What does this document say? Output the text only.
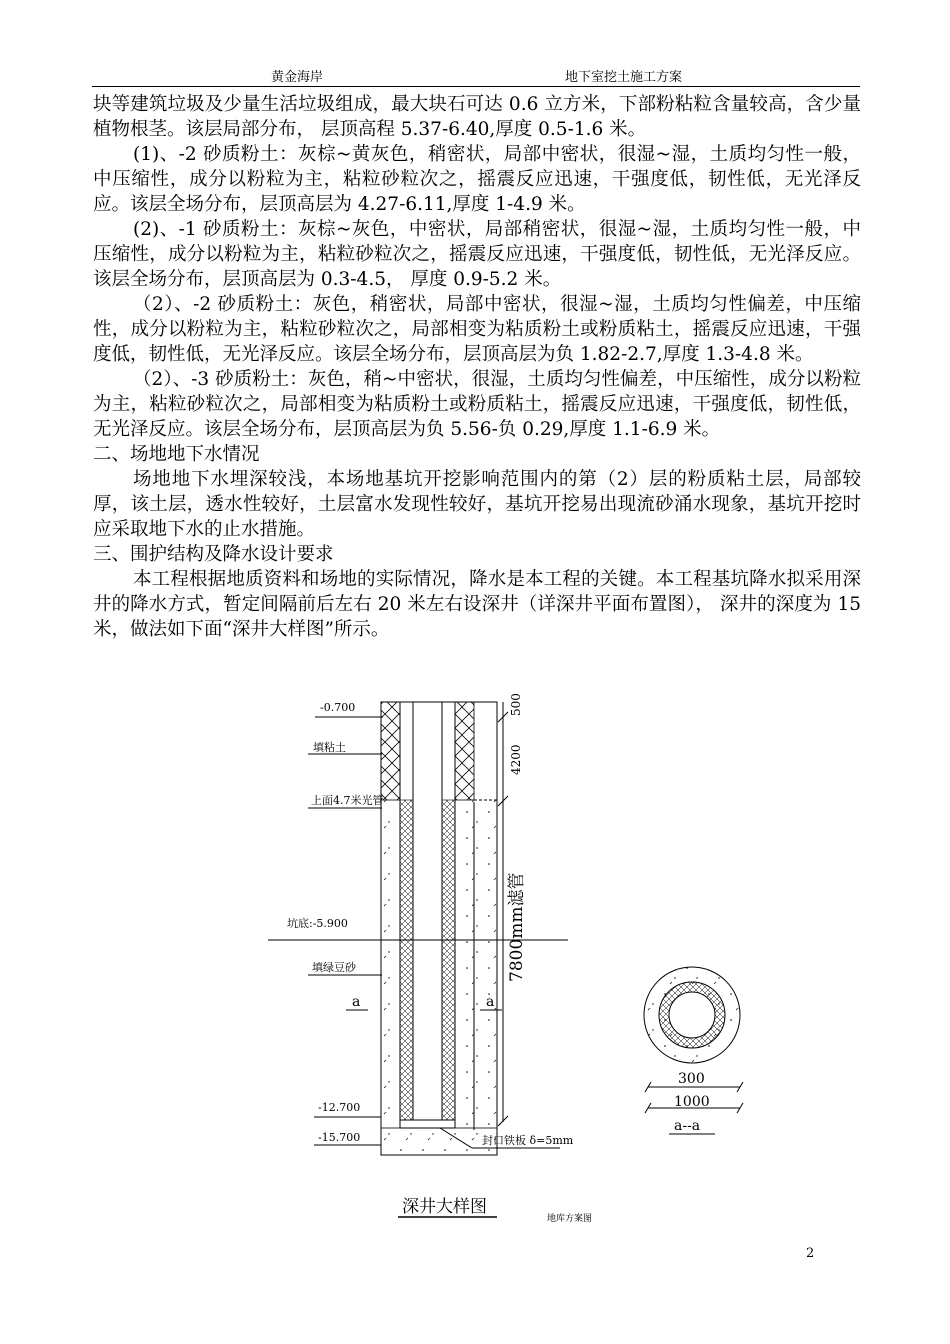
黄金海岸	地下室挖土施工方案

块等建筑垃圾及少量生活垃圾组成，最大块石可达 0.6 立方米，下部粉粘粒含量较高，含少量植物根茎。该层局部分布， 层顶高程 5.37-6.40,厚度 0.5-1.6 米。

(1)、-2 砂质粉土：灰棕~黄灰色，稍密状，局部中密状，很湿~湿，土质均匀性一般，中压缩性，成分以粉粒为主，粘粒砂粒次之，摇震反应迅速，干强度低，韧性低，无光泽反应。该层全场分布，层顶高层为 4.27-6.11,厚度 1-4.9 米。

(2)、-1 砂质粉土：灰棕~灰色，中密状，局部稍密状，很湿~湿，土质均匀性一般，中压缩性，成分以粉粒为主，粘粒砂粒次之，摇震反应迅速，干强度低，韧性低，无光泽反应。该层全场分布，层顶高层为 0.3-4.5， 厚度 0.9-5.2 米。

（2）、-2 砂质粉土：灰色，稍密状，局部中密状，很湿~湿，土质均匀性偏差，中压缩性，成分以粉粒为主，粘粒砂粒次之，局部相变为粘质粉土或粉质粘土，摇震反应迅速，干强度低，韧性低，无光泽反应。该层全场分布，层顶高层为负 1.82-2.7,厚度 1.3-4.8 米。

（2）、-3 砂质粉土：灰色，稍~中密状，很湿，土质均匀性偏差，中压缩性，成分以粉粒为主，粘粒砂粒次之，局部相变为粘质粉土或粉质粘土，摇震反应迅速，干强度低，韧性低，无光泽反应。该层全场分布，层顶高层为负 5.56-负 0.29,厚度 1.1-6.9 米。

二、场地地下水情况

场地地下水埋深较浅，本场地基坑开挖影响范围内的第（2）层的粉质粘土层，局部较厚，该土层，透水性较好，土层富水发现性较好，基坑开挖易出现流砂涌水现象，基坑开挖时应采取地下水的止水措施。

三、围护结构及降水设计要求

本工程根据地质资料和场地的实际情况，降水是本工程的关键。本工程基坑降水拟采用深井的降水方式，暂定间隔前后左右 20 米左右设深井（详深井平面布置图）， 深井的深度为 15 米，做法如下面“深井大样图”所示。

-0.700
填粘土
上面4.7米光管
坑底:-5.900
填绿豆砂
a	a
-12.700
-15.700	封口铁板 δ=5mm
500
4200
7800mm滤管
300
1000
a--a
深井大样图
地库方案图
2
